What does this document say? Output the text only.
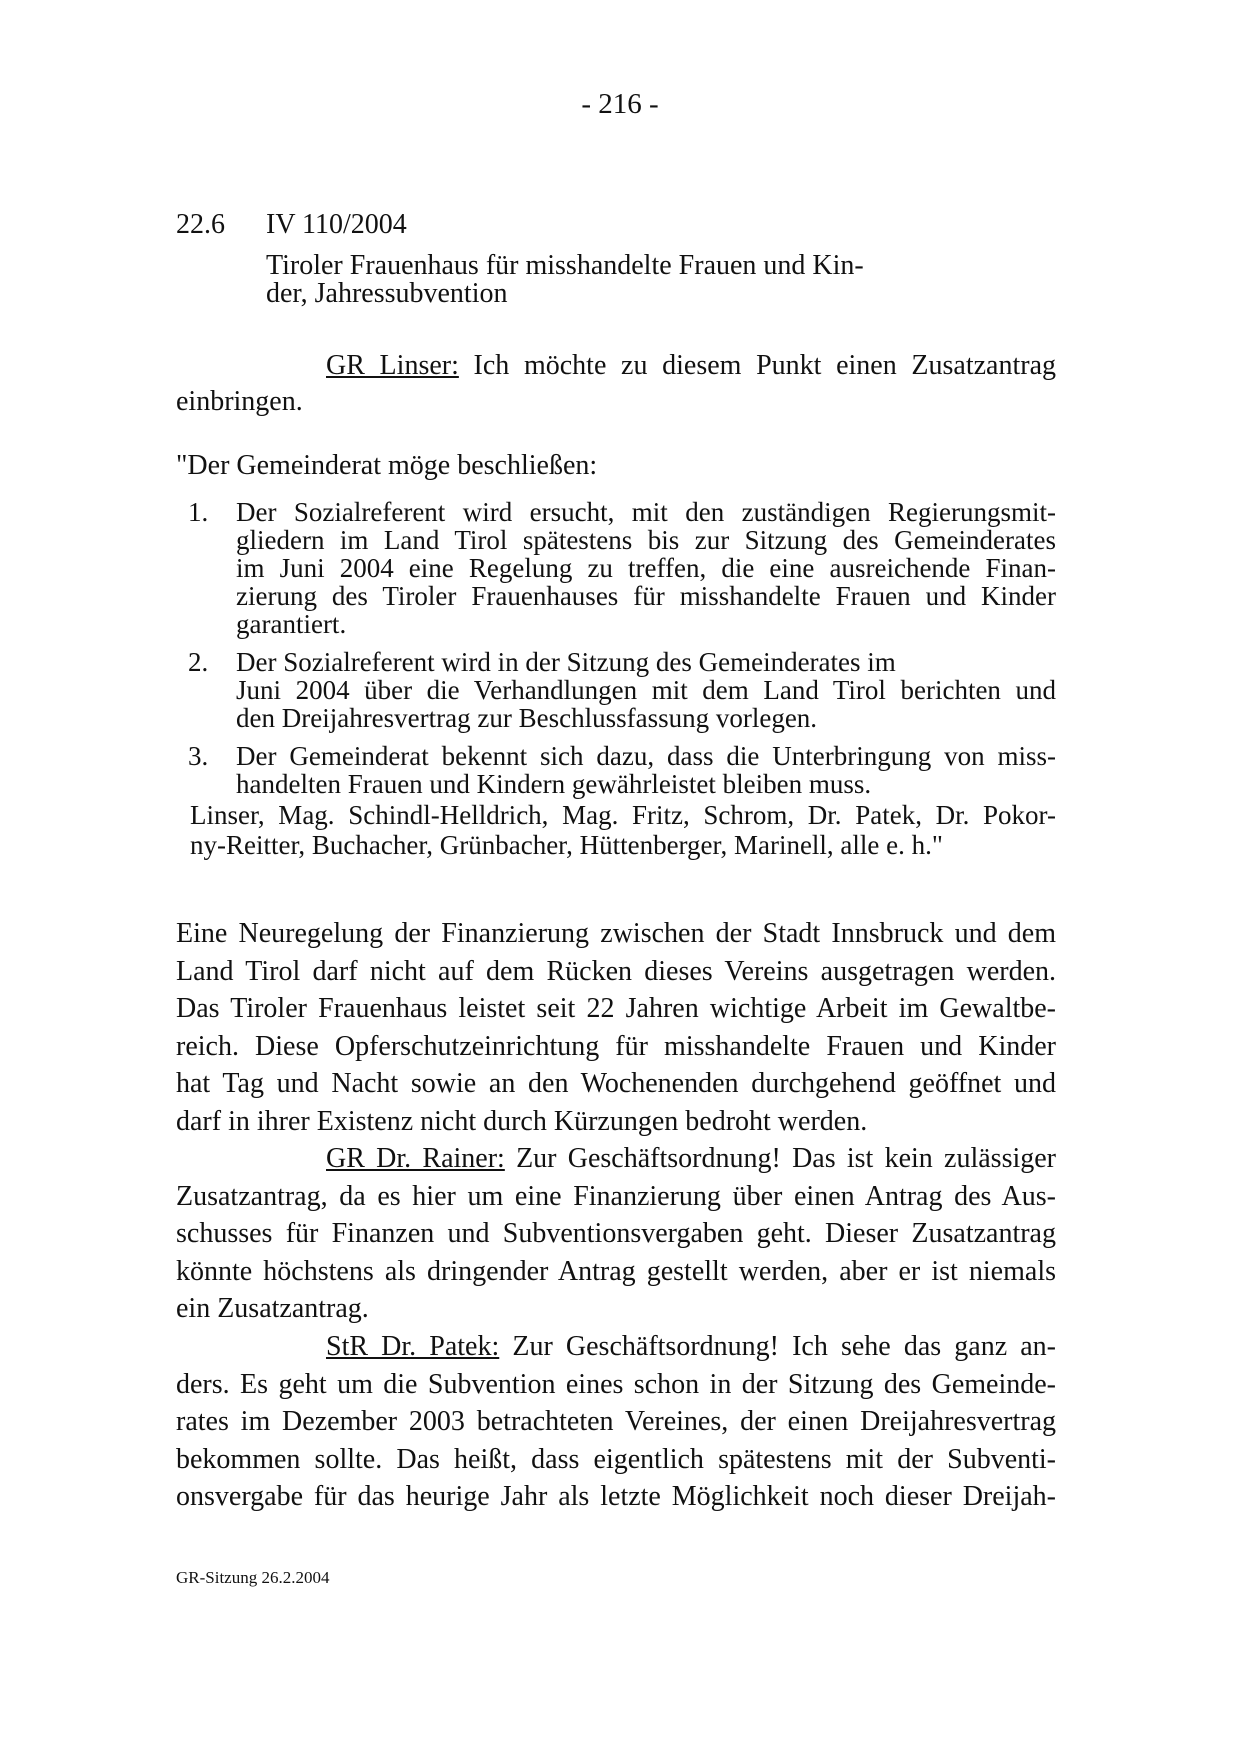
- 216 -
22.6 IV 110/2004
Tiroler Frauenhaus für misshandelte Frauen und Kin-
der, Jahressubvention
GR Linser: Ich möchte zu diesem Punkt einen Zusatzantrag
einbringen.
"Der Gemeinderat möge beschließen:
1. Der Sozialreferent wird ersucht, mit den zuständigen Regierungsmit-
gliedern im Land Tirol spätestens bis zur Sitzung des Gemeinderates
im Juni 2004 eine Regelung zu treffen, die eine ausreichende Finan-
zierung des Tiroler Frauenhauses für misshandelte Frauen und Kinder
garantiert.
2. Der Sozialreferent wird in der Sitzung des Gemeinderates im
Juni 2004 über die Verhandlungen mit dem Land Tirol berichten und
den Dreijahresvertrag zur Beschlussfassung vorlegen.
3. Der Gemeinderat bekennt sich dazu, dass die Unterbringung von miss-
handelten Frauen und Kindern gewährleistet bleiben muss.
Linser, Mag. Schindl-Helldrich, Mag. Fritz, Schrom, Dr. Patek, Dr. Pokor-
ny-Reitter, Buchacher, Grünbacher, Hüttenberger, Marinell, alle e. h."
Eine Neuregelung der Finanzierung zwischen der Stadt Innsbruck und dem
Land Tirol darf nicht auf dem Rücken dieses Vereins ausgetragen werden.
Das Tiroler Frauenhaus leistet seit 22 Jahren wichtige Arbeit im Gewaltbe-
reich. Diese Opferschutzeinrichtung für misshandelte Frauen und Kinder
hat Tag und Nacht sowie an den Wochenenden durchgehend geöffnet und
darf in ihrer Existenz nicht durch Kürzungen bedroht werden.
GR Dr. Rainer: Zur Geschäftsordnung! Das ist kein zulässiger
Zusatzantrag, da es hier um eine Finanzierung über einen Antrag des Aus-
schusses für Finanzen und Subventionsvergaben geht. Dieser Zusatzantrag
könnte höchstens als dringender Antrag gestellt werden, aber er ist niemals
ein Zusatzantrag.
StR Dr. Patek: Zur Geschäftsordnung! Ich sehe das ganz an-
ders. Es geht um die Subvention eines schon in der Sitzung des Gemeinde-
rates im Dezember 2003 betrachteten Vereines, der einen Dreijahresvertrag
bekommen sollte. Das heißt, dass eigentlich spätestens mit der Subventi-
onsvergabe für das heurige Jahr als letzte Möglichkeit noch dieser Dreijah-
GR-Sitzung 26.2.2004
